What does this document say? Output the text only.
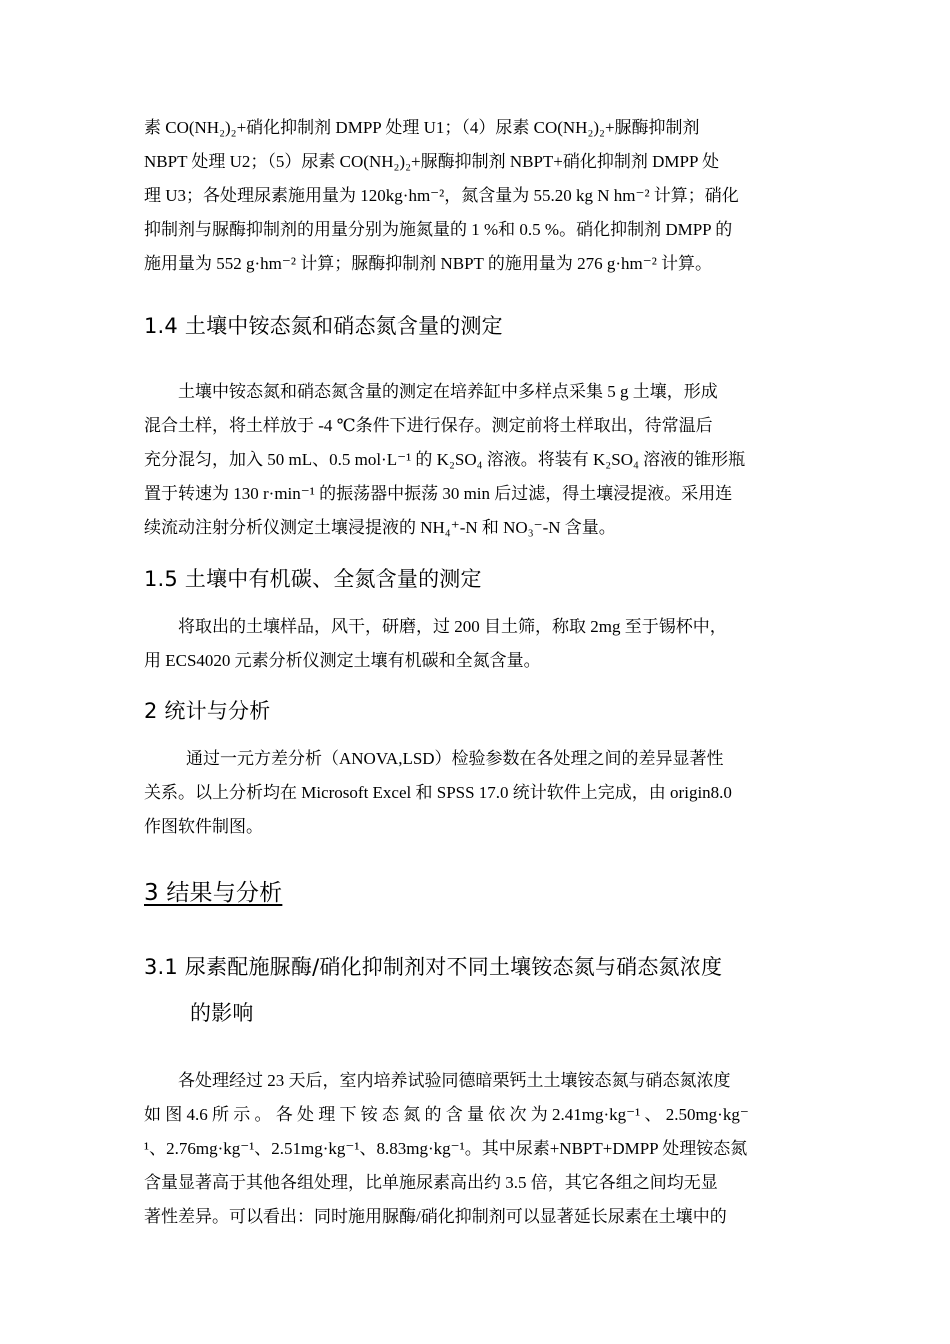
素 CO(NH₂)₂+硝化抑制剂 DMPP 处理 U1；（4）尿素 CO(NH₂)₂+脲酶抑制剂

NBPT 处理 U2；（5）尿素 CO(NH₂)₂+脲酶抑制剂 NBPT+硝化抑制剂 DMPP 处

理 U3；各处理尿素施用量为 120kg·hm⁻²，氮含量为 55.20 kg N hm⁻² 计算；硝化

抑制剂与脲酶抑制剂的用量分别为施氮量的 1 %和 0.5 %。硝化抑制剂 DMPP 的

施用量为 552 g·hm⁻² 计算；脲酶抑制剂 NBPT 的施用量为 276 g·hm⁻² 计算。

1.4 土壤中铵态氮和硝态氮含量的测定

土壤中铵态氮和硝态氮含量的测定在培养缸中多样点采集 5 g 土壤，形成

混合土样，将土样放于 -4 ℃条件下进行保存。测定前将土样取出，待常温后

充分混匀，加入 50 mL、0.5 mol·L⁻¹ 的 K₂SO₄ 溶液。将装有 K₂SO₄ 溶液的锥形瓶

置于转速为 130 r·min⁻¹ 的振荡器中振荡 30 min 后过滤，得土壤浸提液。采用连

续流动注射分析仪测定土壤浸提液的 NH₄⁺-N 和 NO₃⁻-N 含量。

1.5 土壤中有机碳、全氮含量的测定

将取出的土壤样品，风干，研磨，过 200 目土筛，称取 2mg 至于锡杯中，

用 ECS4020 元素分析仪测定土壤有机碳和全氮含量。

2 统计与分析

通过一元方差分析（ANOVA,LSD）检验参数在各处理之间的差异显著性

关系。以上分析均在 Microsoft Excel 和 SPSS 17.0 统计软件上完成，由 origin8.0

作图软件制图。

3 结果与分析
3.1 尿素配施脲酶/硝化抑制剂对不同土壤铵态氮与硝态氮浓度
的影响

各处理经过 23 天后，室内培养试验同德暗栗钙土土壤铵态氮与硝态氮浓度

如 图 4.6 所 示 。 各 处 理 下 铵 态 氮 的 含 量 依 次 为 2.41mg·kg⁻¹ 、 2.50mg·kg⁻

¹、2.76mg·kg⁻¹、2.51mg·kg⁻¹、8.83mg·kg⁻¹。其中尿素+NBPT+DMPP 处理铵态氮

含量显著高于其他各组处理，比单施尿素高出约 3.5 倍，其它各组之间均无显

著性差异。可以看出：同时施用脲酶/硝化抑制剂可以显著延长尿素在土壤中的
